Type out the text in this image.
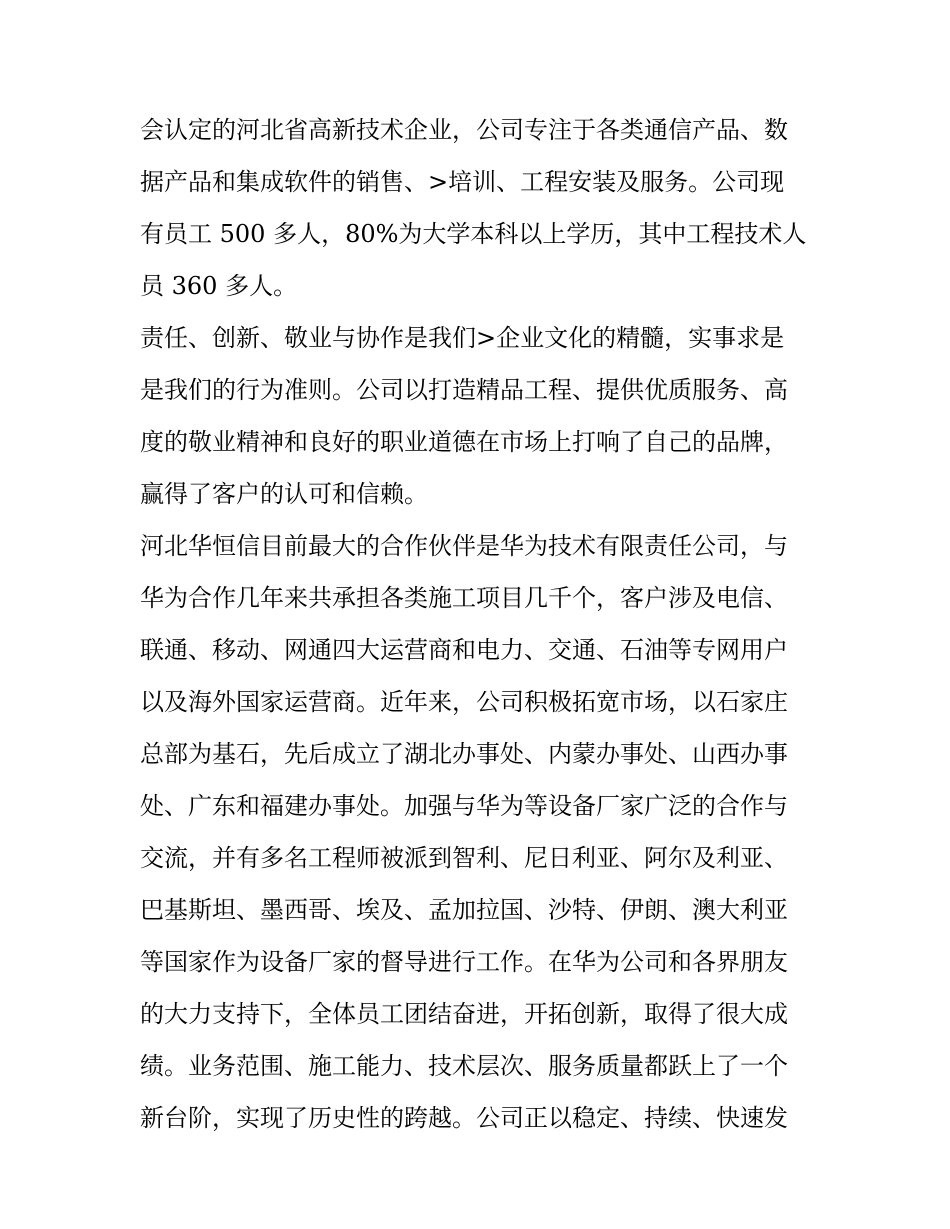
会认定的河北省高新技术企业，公司专注于各类通信产品、数
据产品和集成软件的销售、>培训、工程安装及服务。公司现
有员工 500 多人，80%为大学本科以上学历，其中工程技术人
员 360 多人。
责任、创新、敬业与协作是我们>企业文化的精髓，实事求是
是我们的行为准则。公司以打造精品工程、提供优质服务、高
度的敬业精神和良好的职业道德在市场上打响了自己的品牌，
赢得了客户的认可和信赖。
河北华恒信目前最大的合作伙伴是华为技术有限责任公司，与
华为合作几年来共承担各类施工项目几千个，客户涉及电信、
联通、移动、网通四大运营商和电力、交通、石油等专网用户
以及海外国家运营商。近年来，公司积极拓宽市场，以石家庄
总部为基石，先后成立了湖北办事处、内蒙办事处、山西办事
处、广东和福建办事处。加强与华为等设备厂家广泛的合作与
交流，并有多名工程师被派到智利、尼日利亚、阿尔及利亚、
巴基斯坦、墨西哥、埃及、孟加拉国、沙特、伊朗、澳大利亚
等国家作为设备厂家的督导进行工作。在华为公司和各界朋友
的大力支持下，全体员工团结奋进，开拓创新，取得了很大成
绩。业务范围、施工能力、技术层次、服务质量都跃上了一个
新台阶，实现了历史性的跨越。公司正以稳定、持续、快速发
